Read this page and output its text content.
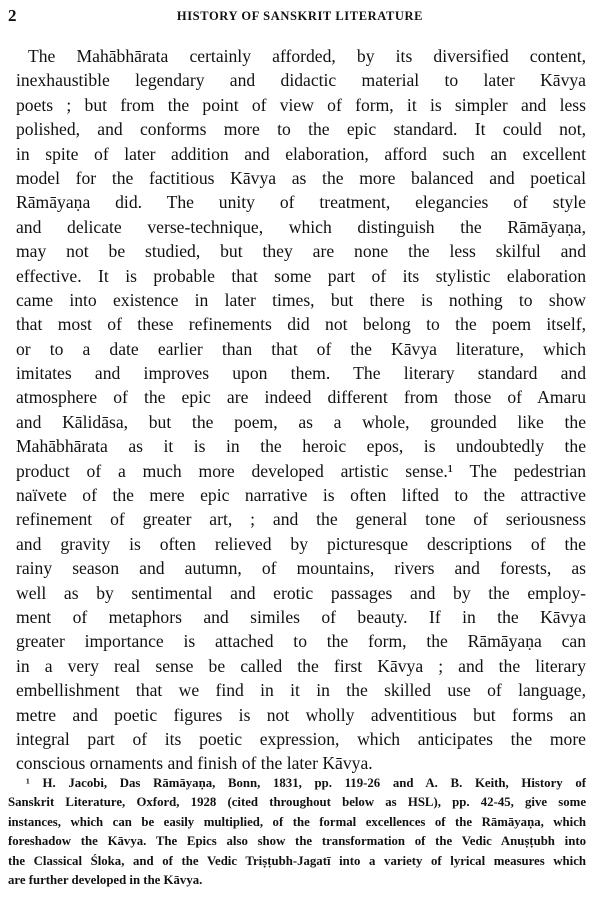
2	HISTORY OF SANSKRIT LITERATURE
The Mahābhārata certainly afforded, by its diversified content,
inexhaustible legendary and didactic material to later Kāvya
poets ; but from the point of view of form, it is simpler and less
polished, and conforms more to the epic standard. It could not,
in spite of later addition and elaboration, afford such an excellent
model for the factitious Kāvya as the more balanced and poetical
Rāmāyaṇa did. The unity of treatment, elegancies of style
and delicate verse-technique, which distinguish the Rāmāyaṇa,
may not be studied, but they are none the less skilful and
effective. It is probable that some part of its stylistic elaboration
came into existence in later times, but there is nothing to show
that most of these refinements did not belong to the poem itself,
or to a date earlier than that of the Kāvya literature, which
imitates and improves upon them. The literary standard and
atmosphere of the epic are indeed different from those of Amaru
and Kālidāsa, but the poem, as a whole, grounded like the
Mahābhārata as it is in the heroic epos, is undoubtedly the
product of a much more developed artistic sense.¹ The pedestrian
naïvete of the mere epic narrative is often lifted to the attractive
refinement of greater art, ; and the general tone of seriousness
and gravity is often relieved by picturesque descriptions of the
rainy season and autumn, of mountains, rivers and forests, as
well as by sentimental and erotic passages and by the employ-
ment of metaphors and similes of beauty. If in the Kāvya
greater importance is attached to the form, the Rāmāyaṇa can
in a very real sense be called the first Kāvya ; and the literary
embellishment that we find in it in the skilled use of language,
metre and poetic figures is not wholly adventitious but forms an
integral part of its poetic expression, which anticipates the more
conscious ornaments and finish of the later Kāvya.
¹ H. Jacobi, Das Rāmāyaṇa, Bonn, 1831, pp. 119-26 and A. B. Keith, History of
Sanskrit Literature, Oxford, 1928 (cited throughout below as HSL), pp. 42-45, give some
instances, which can be easily multiplied, of the formal excellences of the Rāmāyaṇa, which
foreshadow the Kāvya. The Epics also show the transformation of the Vedic Anuṣṭubh into
the Classical Śloka, and of the Vedic Triṣṭubh-Jagatī into a variety of lyrical measures which
are further developed in the Kāvya.
